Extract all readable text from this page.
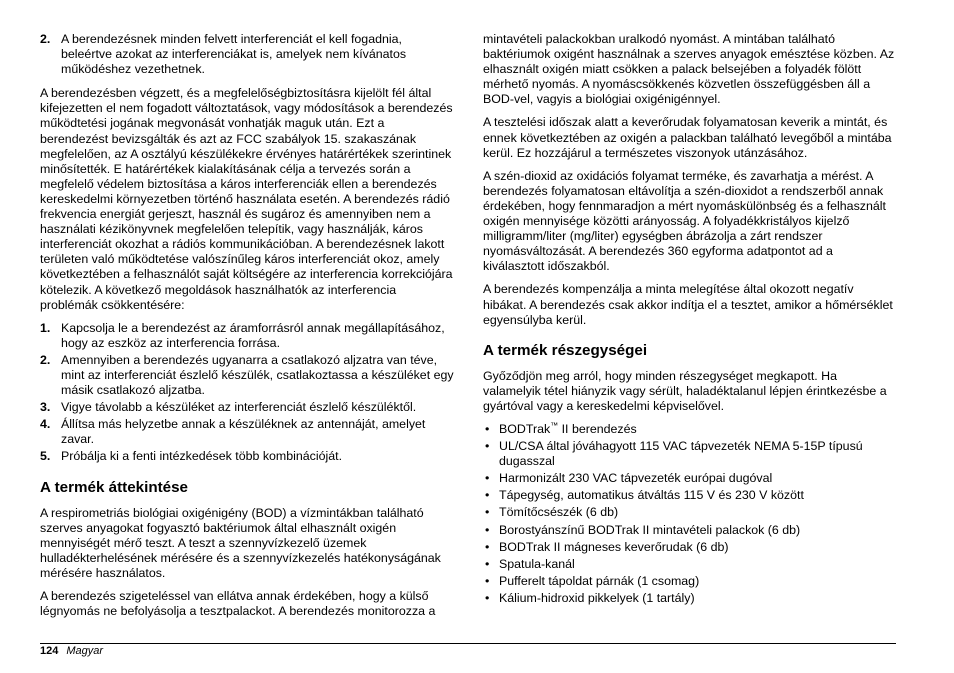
2. A berendezésnek minden felvett interferenciát el kell fogadnia, beleértve azokat az interferenciákat is, amelyek nem kívánatos működéshez vezethetnek.

A berendezésben végzett, és a megfelelőségbiztosításra kijelölt fél által kifejezetten el nem fogadott változtatások, vagy módosítások a berendezés működtetési jogának megvonását vonhatják maguk után. Ezt a berendezést bevizsgálták és azt az FCC szabályok 15. szakaszának megfelelően, az A osztályú készülékekre érvényes határértékek szerintinek minősítették. E határértékek kialakításának célja a tervezés során a megfelelő védelem biztosítása a káros interferenciák ellen a berendezés kereskedelmi környezetben történő használata esetén. A berendezés rádió frekvencia energiát gerjeszt, használ és sugároz és amennyiben nem a használati kézikönyvnek megfelelően telepítik, vagy használják, káros interferenciát okozhat a rádiós kommunikációban. A berendezésnek lakott területen való működtetése valószínűleg káros interferenciát okoz, amely következtében a felhasználót saját költségére az interferencia korrekciójára kötelezik. A következő megoldások használhatók az interferencia problémák csökkentésére:

1. Kapcsolja le a berendezést az áramforrásról annak megállapításához, hogy az eszköz az interferencia forrása.
2. Amennyiben a berendezés ugyanarra a csatlakozó aljzatra van téve, mint az interferenciát észlelő készülék, csatlakoztassa a készüléket egy másik csatlakozó aljzatba.
3. Vigye távolabb a készüléket az interferenciát észlelő készüléktől.
4. Állítsa más helyzetbe annak a készüléknek az antennáját, amelyet zavar.
5. Próbálja ki a fenti intézkedések több kombinációját.
A termék áttekintése

A respirometriás biológiai oxigénigény (BOD) a vízmintákban található szerves anyagokat fogyasztó baktériumok által elhasznált oxigén mennyiségét mérő teszt. A teszt a szennyvízkezelő üzemek hulladékterhelésének mérésére és a szennyvízkezelés hatékonyságának mérésére használatos.

A berendezés szigeteléssel van ellátva annak érdekében, hogy a külső légnyomás ne befolyásolja a tesztpalackot. A berendezés monitorozza a

mintavételi palackokban uralkodó nyomást. A mintában található baktériumok oxigént használnak a szerves anyagok emésztése közben. Az elhasznált oxigén miatt csökken a palack belsejében a folyadék fölött mérhető nyomás. A nyomáscsökkenés közvetlen összefüggésben áll a BOD-vel, vagyis a biológiai oxigénigénnyel.

A tesztelési időszak alatt a keverőrudak folyamatosan keverik a mintát, és ennek következtében az oxigén a palackban található levegőből a mintába kerül. Ez hozzájárul a természetes viszonyok utánzásához.

A szén-dioxid az oxidációs folyamat terméke, és zavarhatja a mérést. A berendezés folyamatosan eltávolítja a szén-dioxidot a rendszerből annak érdekében, hogy fennmaradjon a mért nyomáskülönbség és a felhasznált oxigén mennyisége közötti arányosság. A folyadékkristályos kijelző milligramm/liter (mg/liter) egységben ábrázolja a zárt rendszer nyomásváltozását. A berendezés 360 egyforma adatpontot ad a kiválasztott időszakból.

A berendezés kompenzálja a minta melegítése által okozott negatív hibákat. A berendezés csak akkor indítja el a tesztet, amikor a hőmérséklet egyensúlyba kerül.

A termék részegységei

Győződjön meg arról, hogy minden részegységet megkapott. Ha valamelyik tétel hiányzik vagy sérült, haladéktalanul lépjen érintkezésbe a gyártóval vagy a kereskedelmi képviselővel.

• BODTrak™ II berendezés
• UL/CSA által jóváhagyott 115 VAC tápvezeték NEMA 5-15P típusú dugasszal
• Harmonizált 230 VAC tápvezeték európai dugóval
• Tápegység, automatikus átváltás 115 V és 230 V között
• Tömítőcsészék (6 db)
• Borostyánszínű BODTrak II mintavételi palackok (6 db)
• BODTrak II mágneses keverőrudak (6 db)
• Spatula-kanál
• Pufferelt tápoldat párnák (1 csomag)
• Kálium-hidroxid pikkelyek (1 tartály)
124 Magyar
